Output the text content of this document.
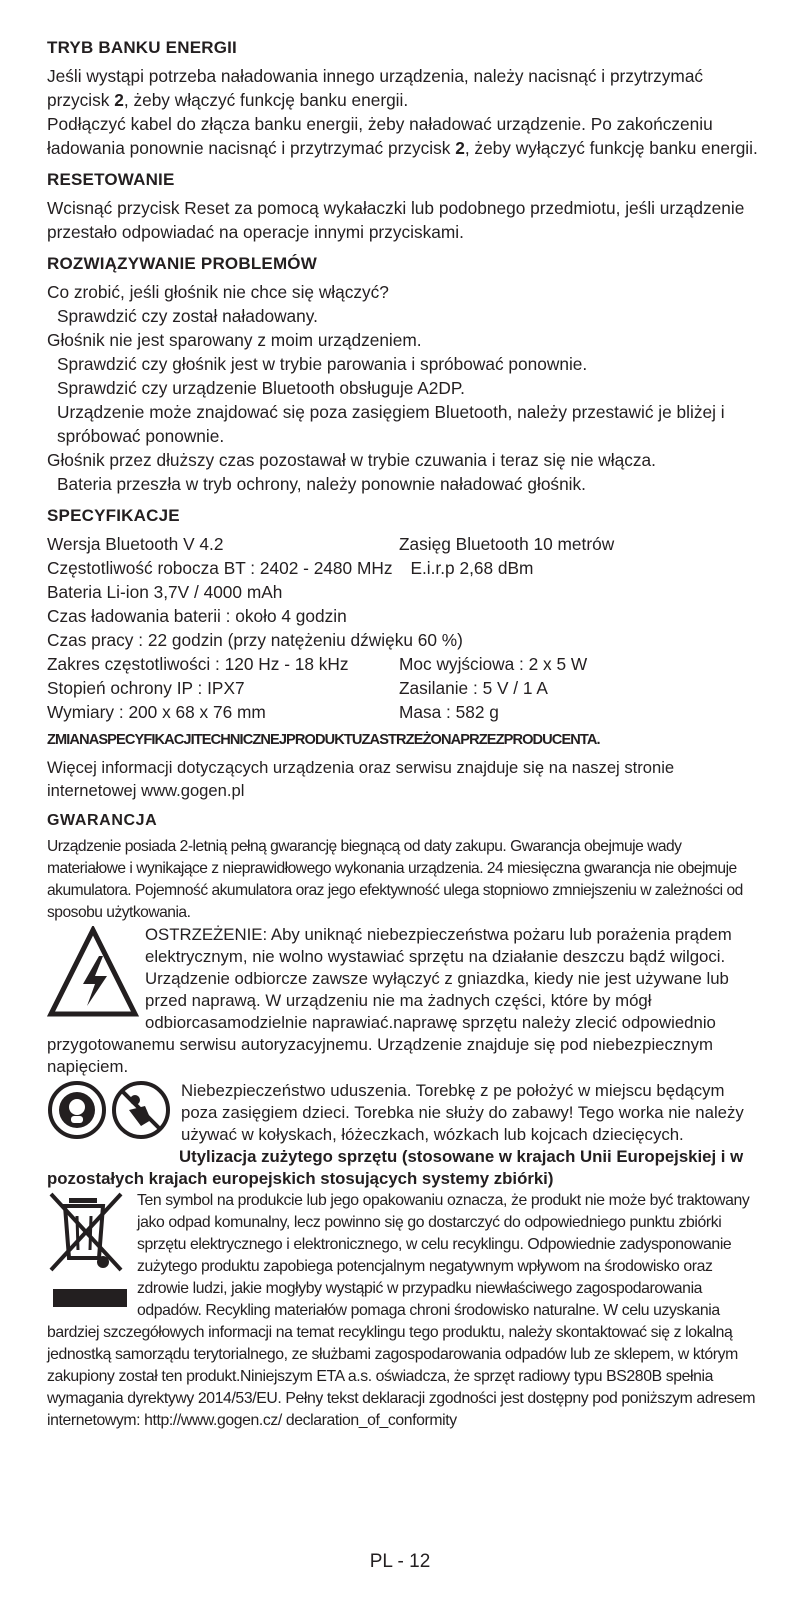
TRYB BANKU ENERGII

Jeśli wystąpi potrzeba naładowania innego urządzenia, należy nacisnąć i przytrzymać przycisk 2, żeby włączyć funkcję banku energii.

Podłączyć kabel do złącza banku energii, żeby naładować urządzenie. Po zakończeniu ładowania ponownie nacisnąć i przytrzymać przycisk 2, żeby wyłączyć funkcję banku energii.

RESETOWANIE

Wcisnąć przycisk Reset za pomocą wykałaczki lub podobnego przedmiotu, jeśli urządzenie przestało odpowiadać na operacje innymi przyciskami.

ROZWIĄZYWANIE PROBLEMÓW

Co zrobić, jeśli głośnik nie chce się włączyć?

Sprawdzić czy został naładowany.

Głośnik nie jest sparowany z moim urządzeniem.

Sprawdzić czy głośnik jest w trybie parowania i spróbować ponownie.

Sprawdzić czy urządzenie Bluetooth obsługuje A2DP.

Urządzenie może znajdować się poza zasięgiem Bluetooth, należy przestawić je bliżej i spróbować ponownie.

Głośnik przez dłuższy czas pozostawał w trybie czuwania i teraz się nie włącza.

Bateria przeszła w tryb ochrony, należy ponownie naładować głośnik.

SPECYFIKACJE
Wersja Bluetooth V 4.2	Zasięg Bluetooth 10 metrów
Częstotliwość robocza BT : 2402 - 2480 MHz E.i.r.p 2,68 dBm
Bateria Li-ion 3,7V / 4000 mAh
Czas ładowania baterii : około 4 godzin
Czas pracy : 22 godzin (przy natężeniu dźwięku 60 %)
Zakres częstotliwości : 120 Hz - 18 kHz	Moc wyjściowa : 2 x 5 W
Stopień ochrony IP : IPX7	Zasilanie : 5 V / 1 A
Wymiary : 200 x 68 x 76 mm	Masa : 582 g
ZMIANASPECYFIKACJITECHNICZNEJPRODUKTUZASTRZEŻONAPRZEZPRODUCENTA.

Więcej informacji dotyczących urządzenia oraz serwisu znajduje się na naszej stronie internetowej www.gogen.pl

GWARANCJA

Urządzenie posiada 2-letnią pełną gwarancję biegnącą od daty zakupu. Gwarancja obejmuje wady materiałowe i wynikające z nieprawidłowego wykonania urządzenia. 24 miesięczna gwarancja nie obejmuje akumulatora. Pojemność akumulatora oraz jego efektywność ulega stopniowo zmniejszeniu w zależności od sposobu użytkowania.

OSTRZEŻENIE: Aby uniknąć niebezpieczeństwa pożaru lub porażenia prądem elektrycznym, nie wolno wystawiać sprzętu na działanie deszczu bądź wilgoci. Urządzenie odbiorcze zawsze wyłączyć z gniazdka, kiedy nie jest używane lub przed naprawą. W urządzeniu nie ma żadnych części, które by mógł odbiorcasamodzielnie naprawiać.naprawę sprzętu należy zlecić odpowiednio przygotowanemu serwisu autoryzacyjnemu. Urządzenie znajduje się pod niebezpiecznym napięciem.

Niebezpieczeństwo uduszenia. Torebkę z pe położyć w miejscu będącym poza zasięgiem dzieci. Torebka nie służy do zabawy! Tego worka nie należy używać w kołyskach, łóżeczkach, wózkach lub kojcach dziecięcych.

Utylizacja zużytego sprzętu (stosowane w krajach Unii Europejskiej i w pozostałych krajach europejskich stosujących systemy zbiórki)

Ten symbol na produkcie lub jego opakowaniu oznacza, że produkt nie może być traktowany jako odpad komunalny, lecz powinno się go dostarczyć do odpowiedniego punktu zbiórki sprzętu elektrycznego i elektronicznego, w celu recyklingu. Odpowiednie zadysponowanie zużytego produktu zapobiega potencjalnym negatywnym wpływom na środowisko oraz zdrowie ludzi, jakie mogłyby wystąpić w przypadku niewłaściwego zagospodarowania odpadów. Recykling materiałów pomaga chroni środowisko naturalne. W celu uzyskania bardziej szczegółowych informacji na temat recyklingu tego produktu, należy skontaktować się z lokalną jednostką samorządu terytorialnego, ze służbami zagospodarowania odpadów lub ze sklepem, w którym zakupiony został ten produkt.Niniejszym ETA a.s. oświadcza, że sprzęt radiowy typu BS280B spełnia wymagania dyrektywy 2014/53/EU. Pełny tekst deklaracji zgodności jest dostępny pod poniższym adresem internetowym: http://www.gogen.cz/ declaration_of_conformity

PL - 12
